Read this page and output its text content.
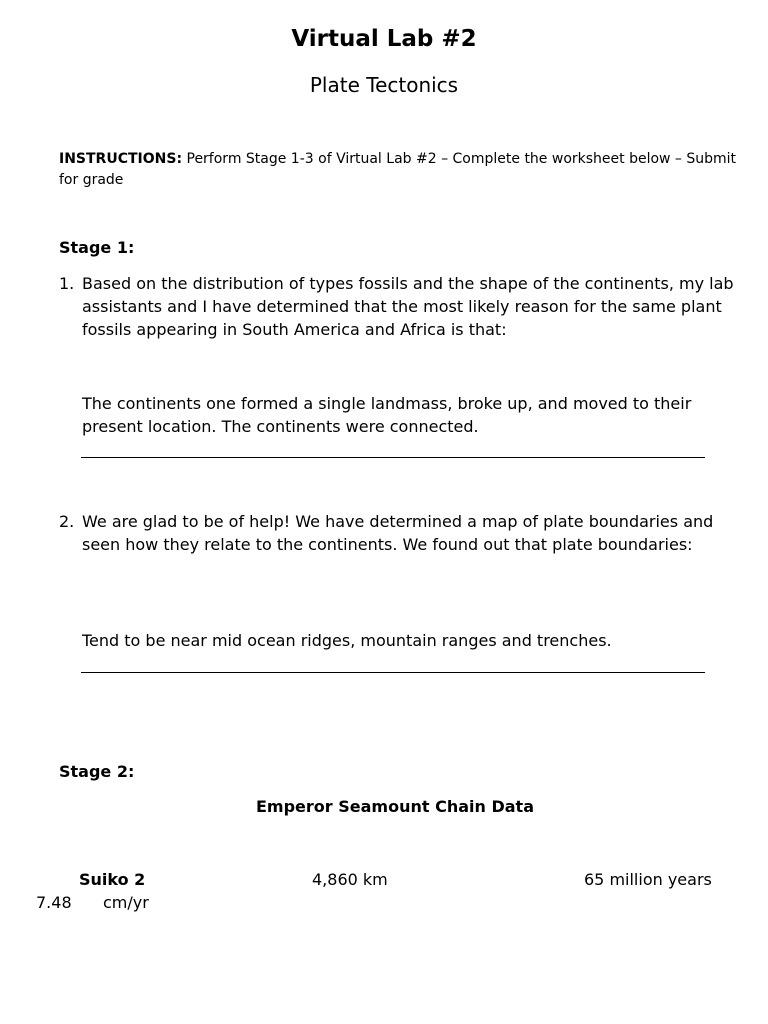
Virtual Lab #2
Plate Tectonics
INSTRUCTIONS: Perform Stage 1-3 of Virtual Lab #2 – Complete the worksheet below – Submit for grade
Stage 1:
1. Based on the distribution of types fossils and the shape of the continents, my lab assistants and I have determined that the most likely reason for the same plant fossils appearing in South America and Africa is that:
The continents one formed a single landmass, broke up, and moved to their present location. The continents were connected.
2. We are glad to be of help! We have determined a map of plate boundaries and seen how they relate to the continents. We found out that plate boundaries:
Tend to be near mid ocean ridges, mountain ranges and trenches.
Stage 2:
Emperor Seamount Chain Data
Suiko 2	4,860 km	65 million years
7.48 cm/yr
